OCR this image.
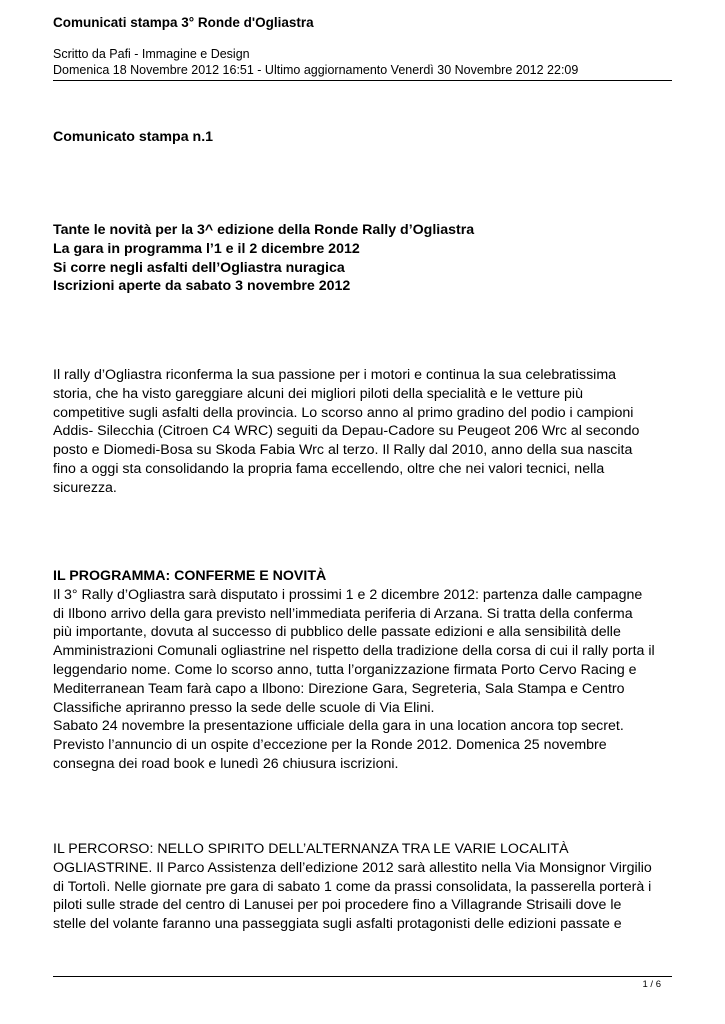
Comunicati stampa 3° Ronde d'Ogliastra
Scritto da Pafi - Immagine e Design
Domenica 18 Novembre 2012 16:51 - Ultimo aggiornamento Venerdì 30 Novembre 2012 22:09
Comunicato stampa n.1
Tante le novità per la 3^ edizione della Ronde Rally d’Ogliastra
La gara in programma l’1 e il 2 dicembre 2012
Si corre negli asfalti dell’Ogliastra nuragica
Iscrizioni aperte da sabato 3 novembre 2012
Il rally d’Ogliastra riconferma la sua passione per i motori e continua la sua celebratissima
storia, che ha visto gareggiare alcuni dei migliori piloti della specialità e le vetture più
competitive sugli asfalti della provincia. Lo scorso anno al primo gradino del podio i campioni
Addis- Silecchia (Citroen C4 WRC) seguiti da Depau-Cadore su Peugeot 206 Wrc al secondo
posto e Diomedi-Bosa su Skoda Fabia Wrc al terzo. Il Rally dal 2010, anno della sua nascita
fino a oggi sta consolidando la propria fama eccellendo, oltre che nei valori tecnici, nella
sicurezza.
IL PROGRAMMA: CONFERME E NOVITÀ
Il 3° Rally d’Ogliastra sarà disputato i prossimi 1 e 2 dicembre 2012: partenza dalle campagne
di Ilbono arrivo della gara previsto nell’immediata periferia di Arzana. Si tratta della conferma
più importante, dovuta al successo di pubblico delle passate edizioni e alla sensibilità delle
Amministrazioni Comunali ogliastrine nel rispetto della tradizione della corsa di cui il rally porta il
leggendario nome. Come lo scorso anno, tutta l’organizzazione firmata Porto Cervo Racing e
Mediterranean Team farà capo a Ilbono: Direzione Gara, Segreteria, Sala Stampa e Centro
Classifiche apriranno presso la sede delle scuole di Via Elini.
Sabato 24 novembre la presentazione ufficiale della gara in una location ancora top secret.
Previsto l’annuncio di un ospite d’eccezione per la Ronde 2012. Domenica 25 novembre
consegna dei road book e lunedì 26 chiusura iscrizioni.
IL PERCORSO: NELLO SPIRITO DELL’ALTERNANZA TRA LE VARIE LOCALITÀ
OGLIASTRINE. Il Parco Assistenza dell’edizione 2012 sarà allestito nella Via Monsignor Virgilio
di Tortolì. Nelle giornate pre gara di sabato 1 come da prassi consolidata, la passerella porterà i
piloti sulle strade del centro di Lanusei per poi procedere fino a Villagrande Strisaili dove le
stelle del volante faranno una passeggiata sugli asfalti protagonisti delle edizioni passate e
1 / 6
